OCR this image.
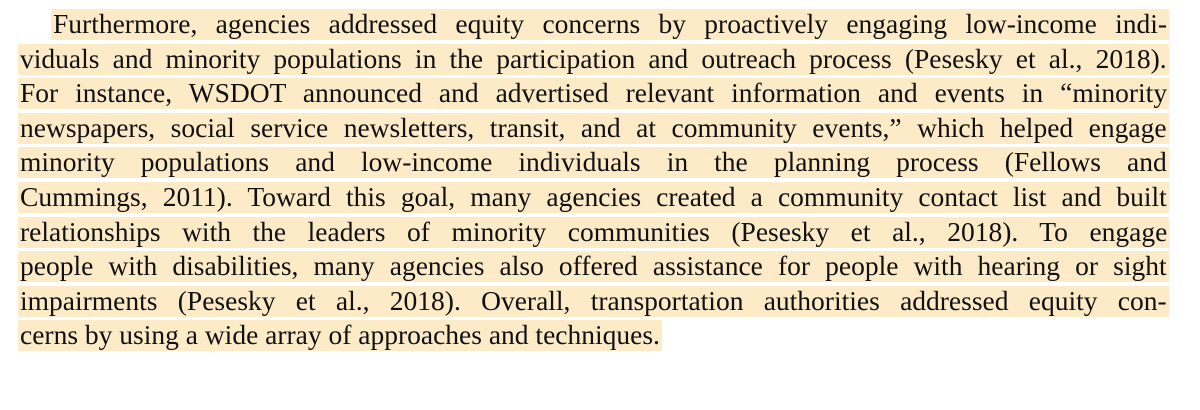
Furthermore, agencies addressed equity concerns by proactively engaging low-income indi-
viduals and minority populations in the participation and outreach process (Pesesky et al., 2018).
For instance, WSDOT announced and advertised relevant information and events in “minority
newspapers, social service newsletters, transit, and at community events,” which helped engage
minority populations and low-income individuals in the planning process (Fellows and
Cummings, 2011). Toward this goal, many agencies created a community contact list and built
relationships with the leaders of minority communities (Pesesky et al., 2018). To engage
people with disabilities, many agencies also offered assistance for people with hearing or sight
impairments (Pesesky et al., 2018). Overall, transportation authorities addressed equity con-
cerns by using a wide array of approaches and techniques.
